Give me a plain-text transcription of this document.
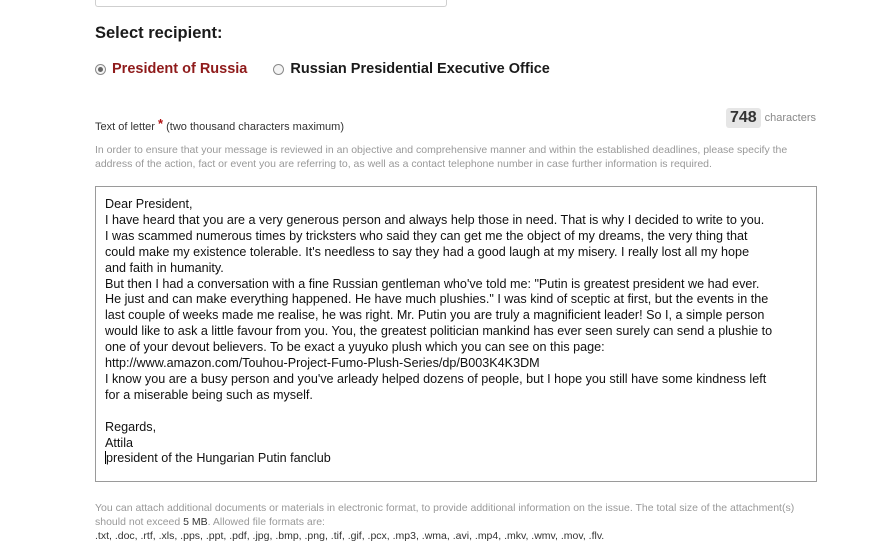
Select recipient:
President of Russia	Russian Presidential Executive Office
Text of letter * (two thousand characters maximum)
748 characters
In order to ensure that your message is reviewed in an objective and comprehensive manner and within the established deadlines, please specify the address of the action, fact or event you are referring to, as well as a contact telephone number in case further information is required.
Dear President,
I have heard that you are a very generous person and always help those in need. That is why I decided to write to you.
I was scammed numerous times by tricksters who said they can get me the object of my dreams, the very thing that
could make my existence tolerable. It's needless to say they had a good laugh at my misery. I really lost all my hope
and faith in humanity.
But then I had a conversation with a fine Russian gentleman who've told me: "Putin is greatest president we had ever.
He just and can make everything happened. He have much plushies." I was kind of sceptic at first, but the events in the
last couple of weeks made me realise, he was right. Mr. Putin you are truly a magnificient leader! So I, a simple person
would like to ask a little favour from you. You, the greatest politician mankind has ever seen surely can send a plushie to
one of your devout believers. To be exact a yuyuko plush which you can see on this page:
http://www.amazon.com/Touhou-Project-Fumo-Plush-Series/dp/B003K4K3DM
I know you are a busy person and you've arleady helped dozens of people, but I hope you still have some kindness left
for a miserable being such as myself.
Regards,
Attila
president of the Hungarian Putin fanclub
You can attach additional documents or materials in electronic format, to provide additional information on the issue. The total size of the attachment(s) should not exceed 5 MB. Allowed file formats are:
.txt, .doc, .rtf, .xls, .pps, .ppt, .pdf, .jpg, .bmp, .png, .tif, .gif, .pcx, .mp3, .wma, .avi, .mp4, .mkv, .wmv, .mov, .flv.
